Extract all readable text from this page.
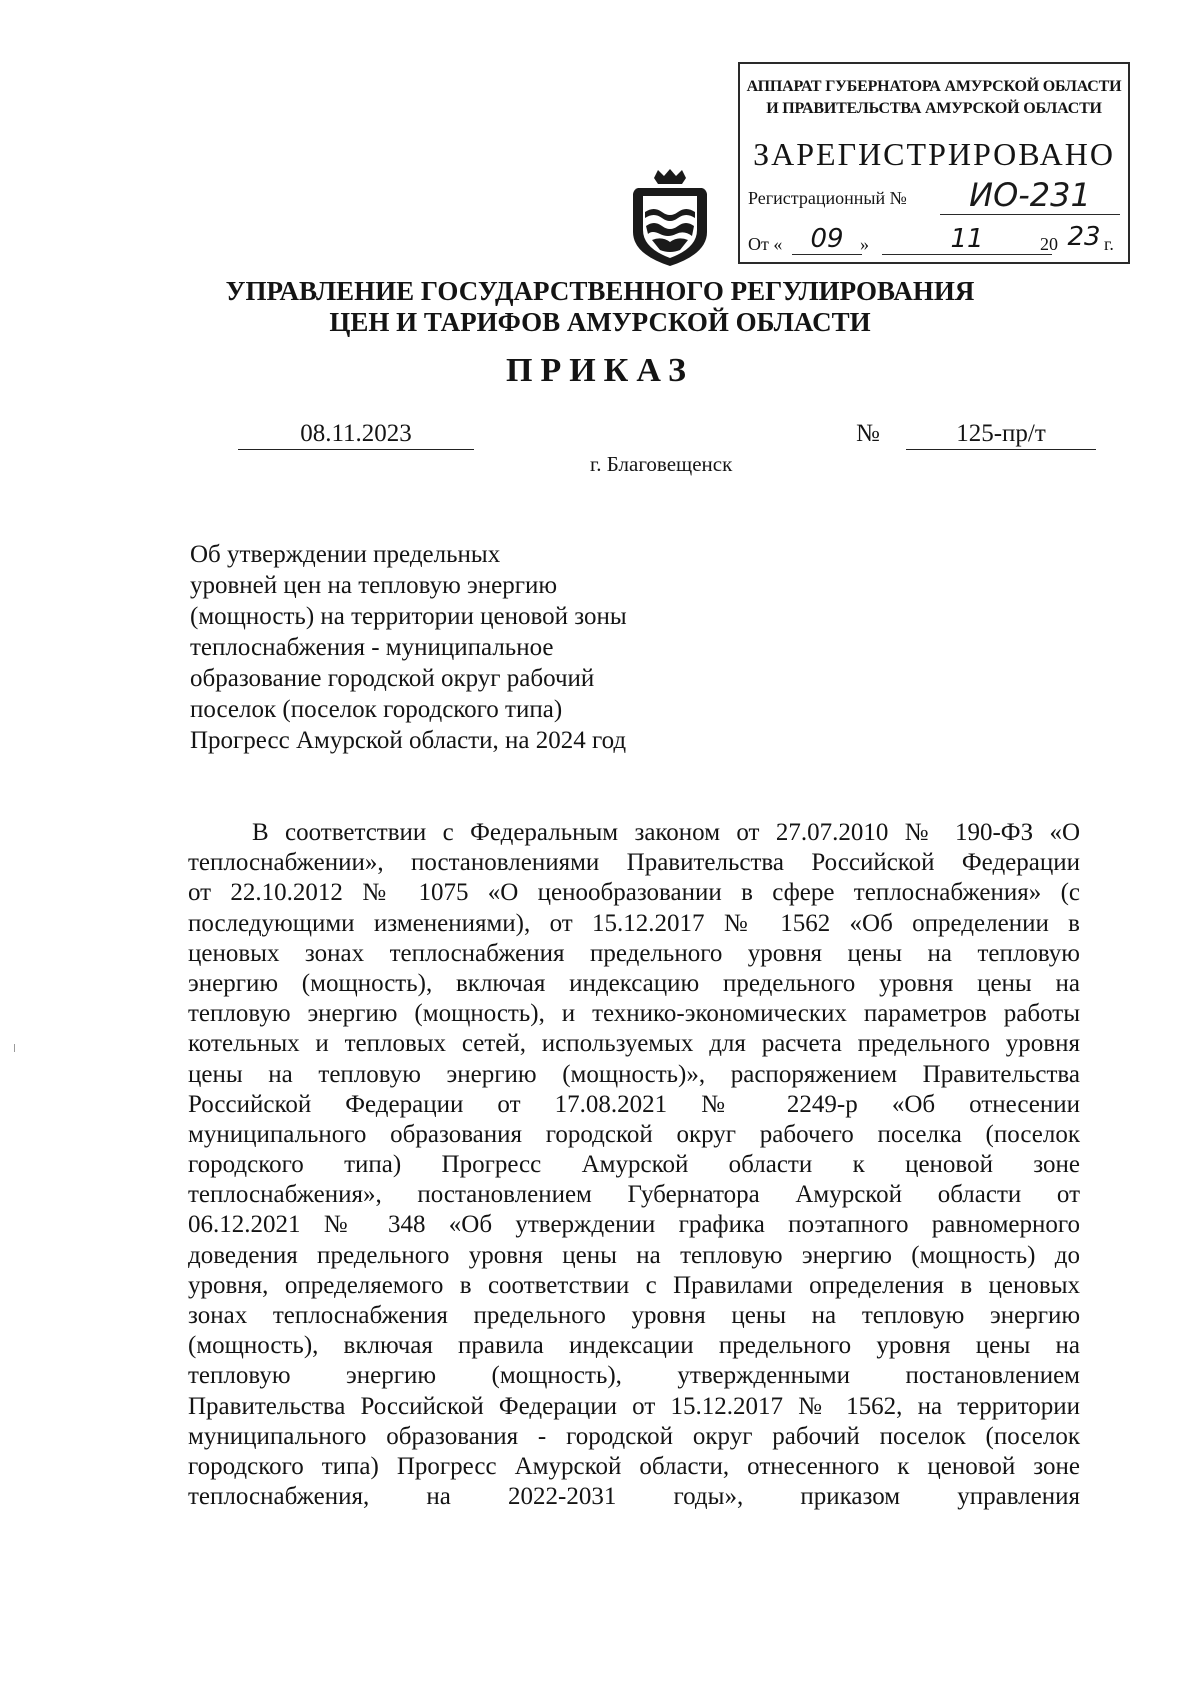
АППАРАТ ГУБЕРНАТОРА АМУРСКОЙ ОБЛАСТИ
И ПРАВИТЕЛЬСТВА АМУРСКОЙ ОБЛАСТИ
ЗАРЕГИСТРИРОВАНО
Регистрационный №	ИО-231
От «	09 »	11	20 23 г.
УПРАВЛЕНИЕ ГОСУДАРСТВЕННОГО РЕГУЛИРОВАНИЯ
ЦЕН И ТАРИФОВ АМУРСКОЙ ОБЛАСТИ
ПРИКАЗ
08.11.2023	№	125-пр/т
г. Благовещенск
Об утверждении предельных
уровней цен на тепловую энергию
(мощность) на территории ценовой зоны
теплоснабжения - муниципальное
образование городской округ рабочий
поселок (поселок городского типа)
Прогресс Амурской области, на 2024 год
В соответствии с Федеральным законом от 27.07.2010 № 190-ФЗ «О
теплоснабжении», постановлениями Правительства Российской Федерации
от 22.10.2012 № 1075 «О ценообразовании в сфере теплоснабжения» (с
последующими изменениями), от 15.12.2017 № 1562 «Об определении в
ценовых зонах теплоснабжения предельного уровня цены на тепловую
энергию (мощность), включая индексацию предельного уровня цены на
тепловую энергию (мощность), и технико-экономических параметров работы
котельных и тепловых сетей, используемых для расчета предельного уровня
цены на тепловую энергию (мощность)», распоряжением Правительства
Российской Федерации от 17.08.2021 № 2249-р «Об отнесении
муниципального образования городской округ рабочего поселка (поселок
городского типа) Прогресс Амурской области к ценовой зоне
теплоснабжения», постановлением Губернатора Амурской области от
06.12.2021 № 348 «Об утверждении графика поэтапного равномерного
доведения предельного уровня цены на тепловую энергию (мощность) до
уровня, определяемого в соответствии с Правилами определения в ценовых
зонах теплоснабжения предельного уровня цены на тепловую энергию
(мощность), включая правила индексации предельного уровня цены на
тепловую энергию (мощность), утвержденными постановлением
Правительства Российской Федерации от 15.12.2017 № 1562, на территории
муниципального образования - городской округ рабочий поселок (поселок
городского типа) Прогресс Амурской области, отнесенного к ценовой зоне
теплоснабжения, на 2022-2031 годы», приказом управления
